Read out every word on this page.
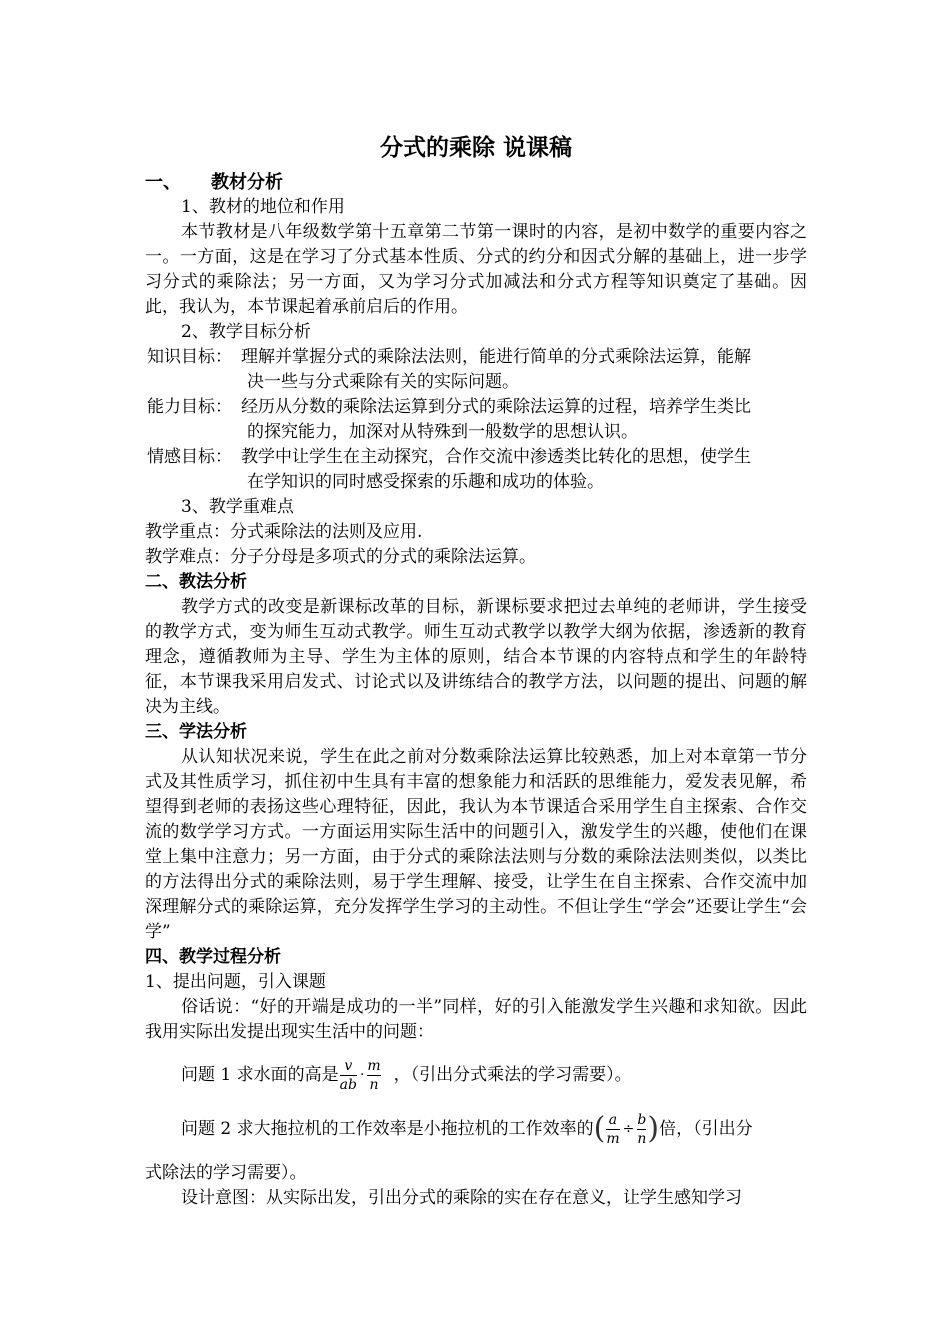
分式的乘除 说课稿
一、 教材分析
1、教材的地位和作用
本节教材是八年级数学第十五章第二节第一课时的内容，是初中数学的重要内容之一。一方面，这是在学习了分式基本性质、分式的约分和因式分解的基础上，进一步学习分式的乘除法；另一方面，又为学习分式加减法和分式方程等知识奠定了基础。因此，我认为，本节课起着承前启后的作用。
2、教学目标分析
知识目标： 理解并掌握分式的乘除法法则，能进行简单的分式乘除法运算，能解
决一些与分式乘除有关的实际问题。
能力目标： 经历从分数的乘除法运算到分式的乘除法运算的过程，培养学生类比
的探究能力，加深对从特殊到一般数学的思想认识。
情感目标： 教学中让学生在主动探究，合作交流中渗透类比转化的思想，使学生
在学知识的同时感受探索的乐趣和成功的体验。
3、教学重难点
教学重点：分式乘除法的法则及应用.
教学难点：分子分母是多项式的分式的乘除法运算。
二、教法分析
教学方式的改变是新课标改革的目标，新课标要求把过去单纯的老师讲，学生接受的教学方式，变为师生互动式教学。师生互动式教学以教学大纲为依据，渗透新的教育理念，遵循教师为主导、学生为主体的原则，结合本节课的内容特点和学生的年龄特征，本节课我采用启发式、讨论式以及讲练结合的教学方法，以问题的提出、问题的解决为主线。
三、学法分析
从认知状况来说，学生在此之前对分数乘除法运算比较熟悉，加上对本章第一节分式及其性质学习，抓住初中生具有丰富的想象能力和活跃的思维能力，爱发表见解，希望得到老师的表扬这些心理特征，因此，我认为本节课适合采用学生自主探索、合作交流的数学学习方式。一方面运用实际生活中的问题引入，激发学生的兴趣，使他们在课堂上集中注意力；另一方面，由于分式的乘除法法则与分数的乘除法法则类似，以类比的方法得出分式的乘除法则，易于学生理解、接受，让学生在自主探索、合作交流中加深理解分式的乘除运算，充分发挥学生学习的主动性。不但让学生“学会”还要让学生“会学”
四、教学过程分析
1、提出问题，引入课题
俗话说：“好的开端是成功的一半”同样，好的引入能激发学生兴趣和求知欲。因此我用实际出发提出现实生活中的问题：
问题 1 求水面的高是 $\frac{v}{ab} \cdot \frac{m}{n}$ ，（引出分式乘法的学习需要）。
问题 2 求大拖拉机的工作效率是小拖拉机的工作效率的 ( $\frac{a}{m} \div \frac{b}{n}$ ) 倍，（引出分
式除法的学习需要）。
设计意图：从实际出发，引出分式的乘除的实在存在意义，让学生感知学习
